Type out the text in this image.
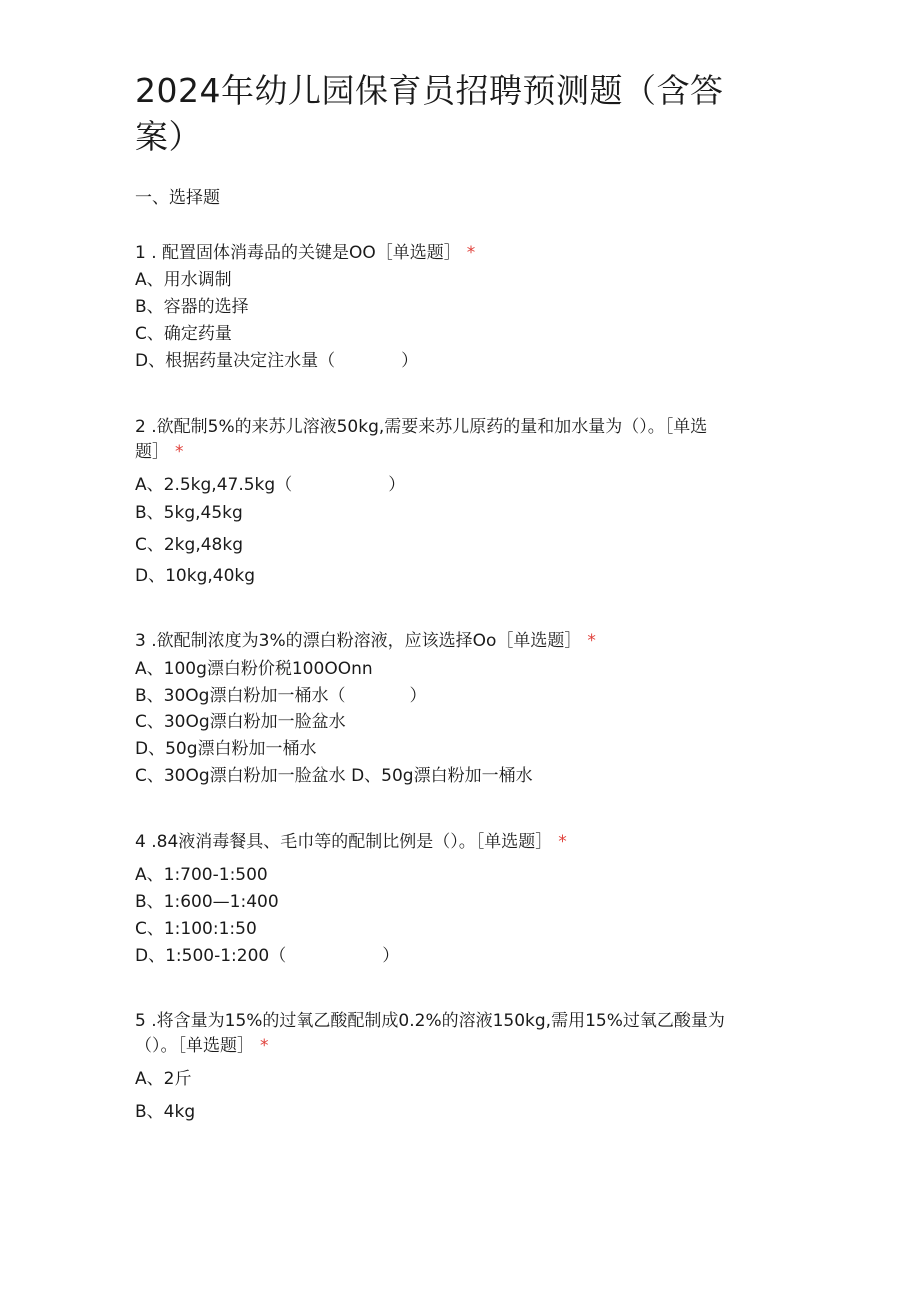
2024年幼儿园保育员招聘预测题（含答
案）
一、选择题
1 . 配置固体消毒品的关键是OO［单选题］ *
A、用水调制
B、容器的选择
C、确定药量
D、根据药量决定注水量（	）
2 .欲配制5%的来苏儿溶液50kg,需要来苏儿原药的量和加水量为（）。［单选
题］ *
A、2.5kg,47.5kg（	）
B、5kg,45kg
C、2kg,48kg
D、10kg,40kg
3 .欲配制浓度为3%的漂白粉溶液，应该选择Oo［单选题］ *
A、100g漂白粉价税100OOnn
B、30Og漂白粉加一桶水（	）
C、30Og漂白粉加一脸盆水
D、50g漂白粉加一桶水
C、30Og漂白粉加一脸盆水 D、50g漂白粉加一桶水
4 .84液消毒餐具、毛巾等的配制比例是（）。［单选题］ *
A、1:700-1:500
B、1:600—1:400
C、1:100:1:50
D、1:500-1:200（	）
5 .将含量为15%的过氧乙酸配制成0.2%的溶液150kg,需用15%过氧乙酸量为
（）。［单选题］ *
A、2斤
B、4kg
